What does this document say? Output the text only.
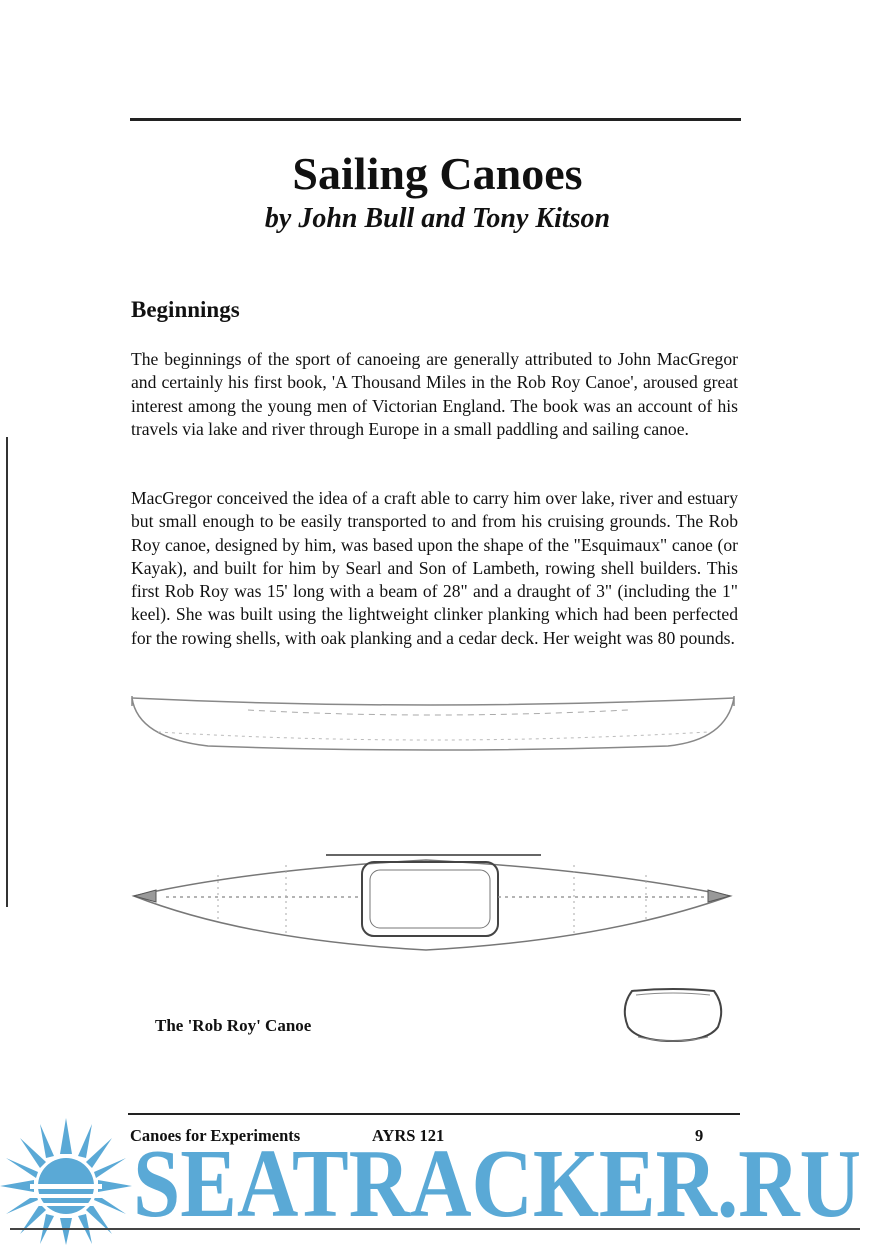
Sailing Canoes
by John Bull and Tony Kitson
Beginnings

The beginnings of the sport of canoeing are generally attributed to John MacGregor and certainly his first book, 'A Thousand Miles in the Rob Roy Canoe', aroused great interest among the young men of Victorian England. The book was an account of his travels via lake and river through Europe in a small paddling and sailing canoe.

MacGregor conceived the idea of a craft able to carry him over lake, river and estuary but small enough to be easily transported to and from his cruising grounds. The Rob Roy canoe, designed by him, was based upon the shape of the "Esquimaux" canoe (or Kayak), and built for him by Searl and Son of Lambeth, rowing shell builders. This first Rob Roy was 15' long with a beam of 28" and a draught of 3" (including the 1" keel). She was built using the lightweight clinker planking which had been perfected for the rowing shells, with oak planking and a cedar deck. Her weight was 80 pounds.

The 'Rob Roy' Canoe
Canoes for Experiments	AYRS 121	9
SEATRACKER.RU
